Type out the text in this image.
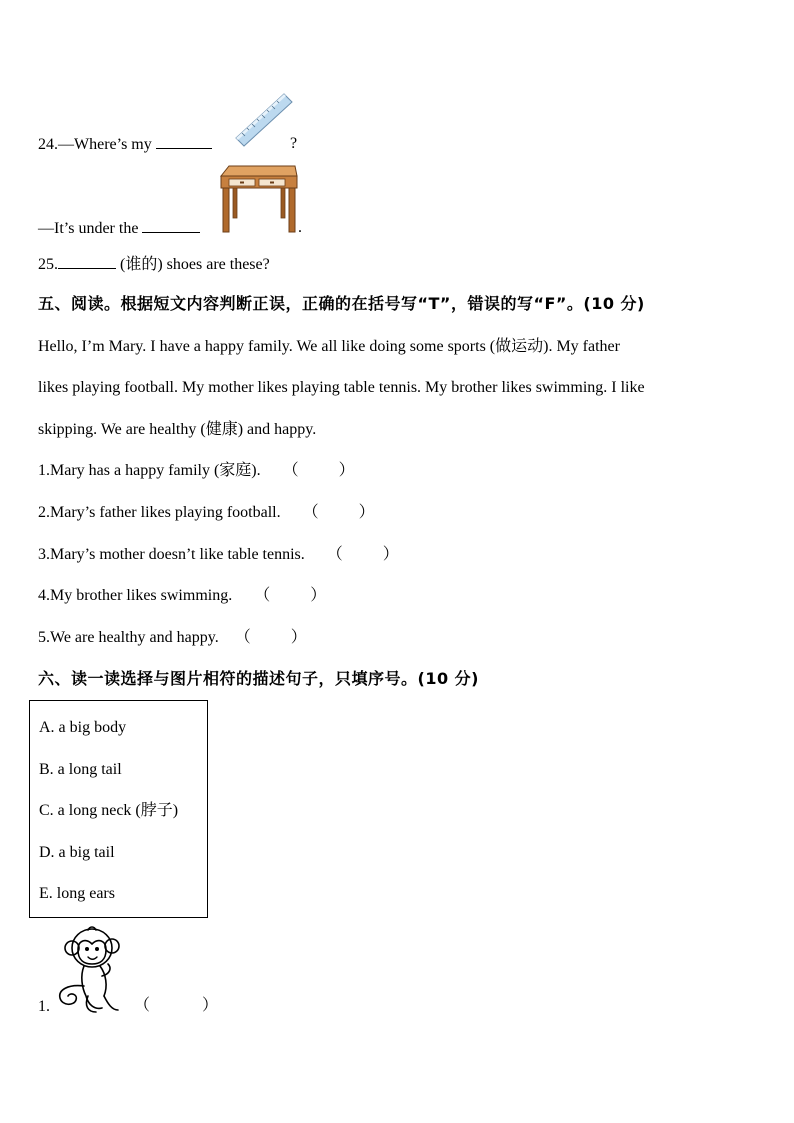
24.—Where’s my	?
—It’s under the	.
25.	(谁的) shoes are these?
五、阅读。根据短文内容判断正误，正确的在括号写“T”，错误的写“F”。(10 分)
Hello, I’m Mary. I have a happy family. We all like doing some sports (做运动). My father
likes playing football. My mother likes playing table tennis. My brother likes swimming. I like
skipping. We are healthy (健康) and happy.
1.Mary has a happy family (家庭). （	）
2.Mary’s father likes playing football. （	）
3.Mary’s mother doesn’t like table tennis. （	）
4.My brother likes swimming. （	）
5.We are healthy and happy. （	）
六、读一读选择与图片相符的描述句子，只填序号。(10 分)
A. a big body
B. a long tail
C. a long neck (脖子)
D. a big tail
E. long ears
1.	（	）
